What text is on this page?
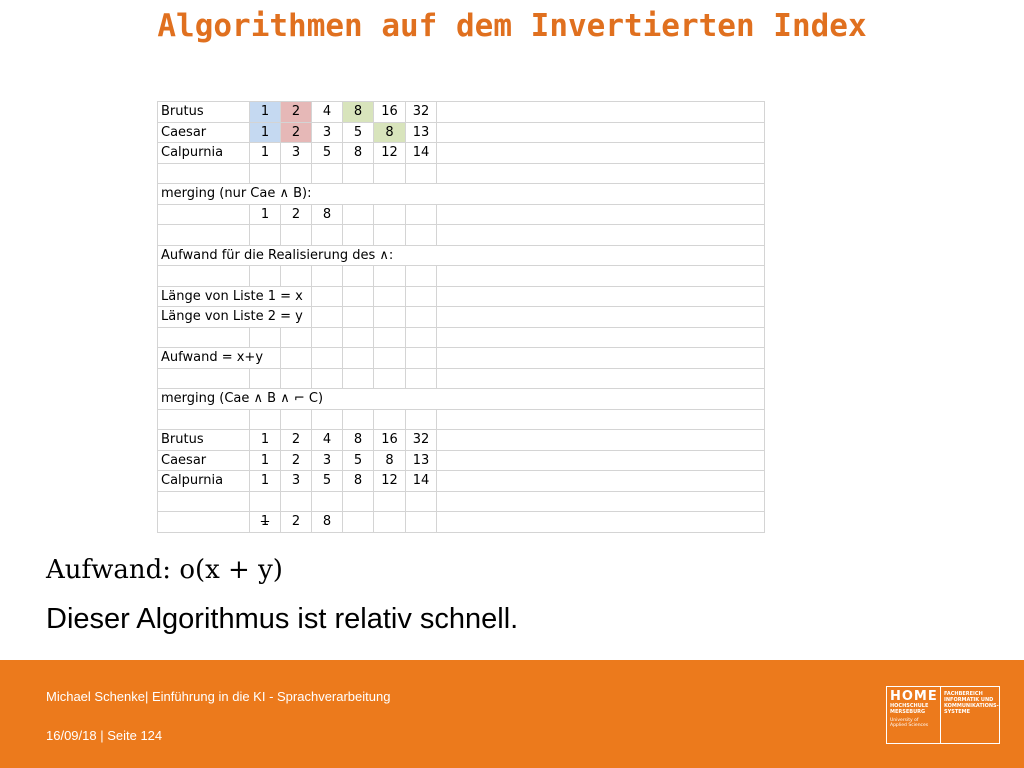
Algorithmen auf dem Invertierten Index
Brutus	1	2	4	8	16	32	
Caesar	1	2	3	5	8	13	
Calpurnia	1	3	5	8	12	14	

merging (nur Cae ∧ B):							
	1	2	8				

Aufwand für die Realisierung des ∧:							

Länge von Liste 1 = x							
Länge von Liste 2 = y							

Aufwand = x+y							

merging (Cae ∧ B ∧ ⌐ C)							

Brutus	1	2	4	8	16	32	
Caesar	1	2	3	5	8	13	
Calpurnia	1	3	5	8	12	14	

	1	2	8				
Aufwand: o(x + y)
Dieser Algorithmus ist relativ schnell.
Michael Schenke| Einführung in die KI - Sprachverarbeitung
16/09/18 | Seite 124
HOME
HOCHSCHULE
MERSEBURG
University of
Applied Sciences
FACHBEREICH
INFORMATIK UND
KOMMUNIKATIONS-
SYSTEME
